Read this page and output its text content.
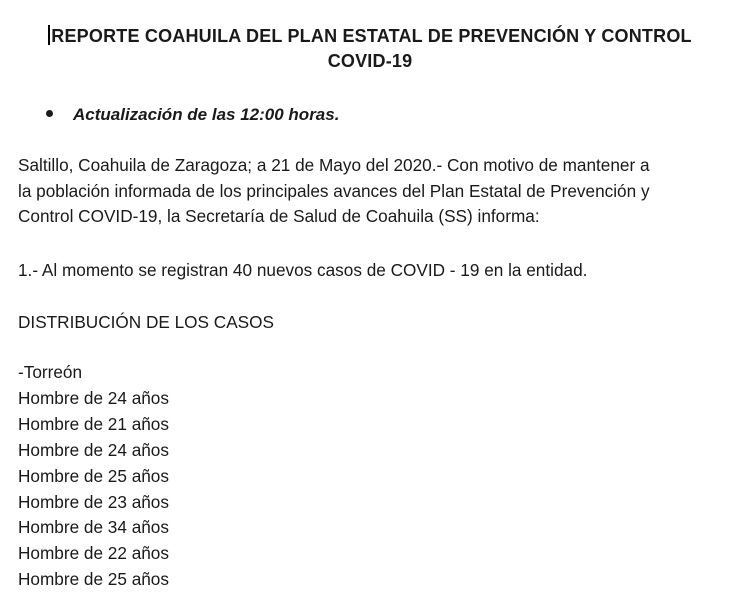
REPORTE COAHUILA DEL PLAN ESTATAL DE PREVENCIÓN Y CONTROL
COVID-19
Actualización de las 12:00 horas.
Saltillo, Coahuila de Zaragoza; a 21 de Mayo del 2020.- Con motivo de mantener a
la población informada de los principales avances del Plan Estatal de Prevención y
Control COVID-19, la Secretaría de Salud de Coahuila (SS) informa:
1.- Al momento se registran 40 nuevos casos de COVID - 19 en la entidad.
DISTRIBUCIÓN DE LOS CASOS
-Torreón
Hombre de 24 años
Hombre de 21 años
Hombre de 24 años
Hombre de 25 años
Hombre de 23 años
Hombre de 34 años
Hombre de 22 años
Hombre de 25 años
